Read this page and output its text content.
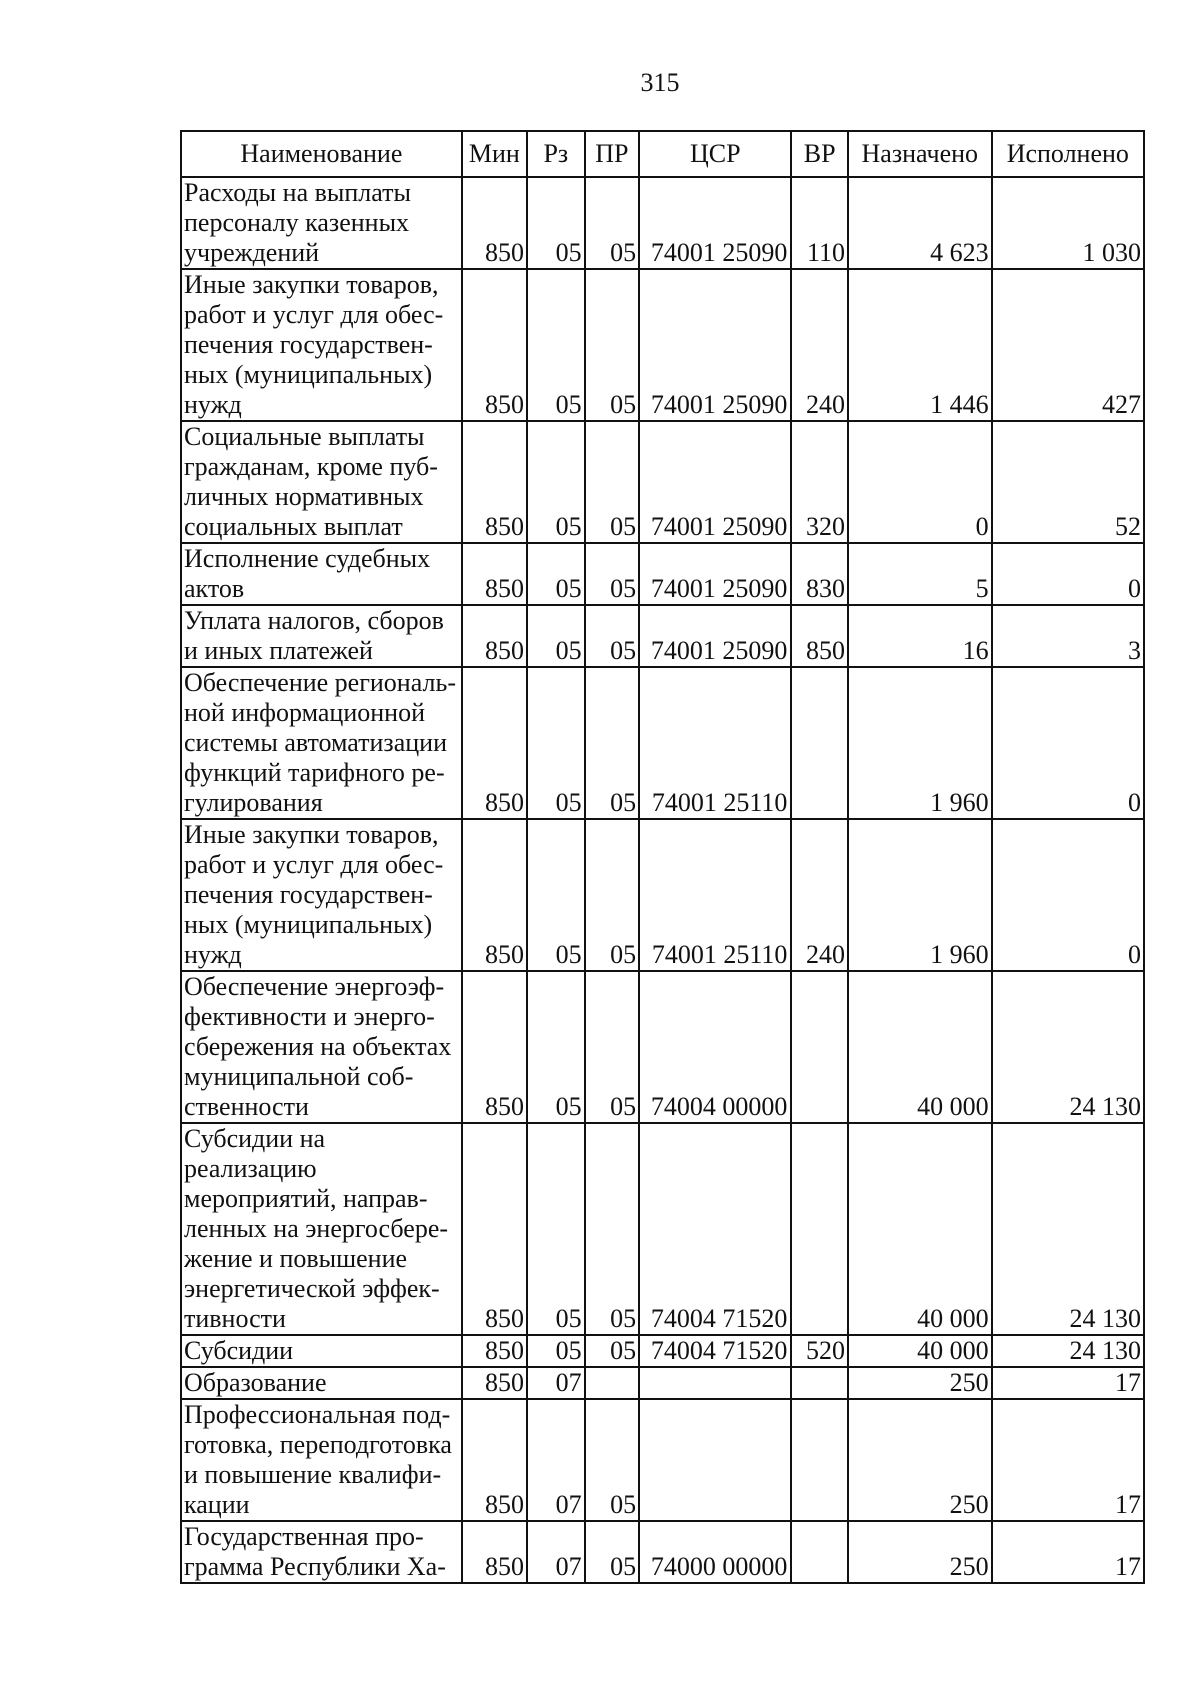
315
Наименование	Мин	Рз	ПР	ЦСР	ВР	Назначено	Исполнено
Расходы на выплаты персоналу казенных учреждений	850	05	05	74001 25090	110	4 623	1 030
Иные закупки товаров, работ и услуг для обес- печения государствен- ных (муниципальных) нужд	850	05	05	74001 25090	240	1 446	427
Социальные выплаты гражданам, кроме пуб- личных нормативных социальных выплат	850	05	05	74001 25090	320	0	52
Исполнение судебных актов	850	05	05	74001 25090	830	5	0
Уплата налогов, сборов и иных платежей	850	05	05	74001 25090	850	16	3
Обеспечение региональ- ной информационной системы автоматизации функций тарифного ре- гулирования	850	05	05	74001 25110		1 960	0
Иные закупки товаров, работ и услуг для обес- печения государствен- ных (муниципальных) нужд	850	05	05	74001 25110	240	1 960	0
Обеспечение энергоэф- фективности и энерго- сбережения на объектах муниципальной соб- ственности	850	05	05	74004 00000		40 000	24 130
Субсидии на реализацию мероприятий, направ- ленных на энергосбере- жение и повышение энергетической эффек- тивности	850	05	05	74004 71520		40 000	24 130
Субсидии	850	05	05	74004 71520	520	40 000	24 130
Образование	850	07				250	17
Профессиональная под- готовка, переподготовка и повышение квалифи- кации	850	07	05			250	17
Государственная про- грамма Республики Ха-	850	07	05	74000 00000		250	17
